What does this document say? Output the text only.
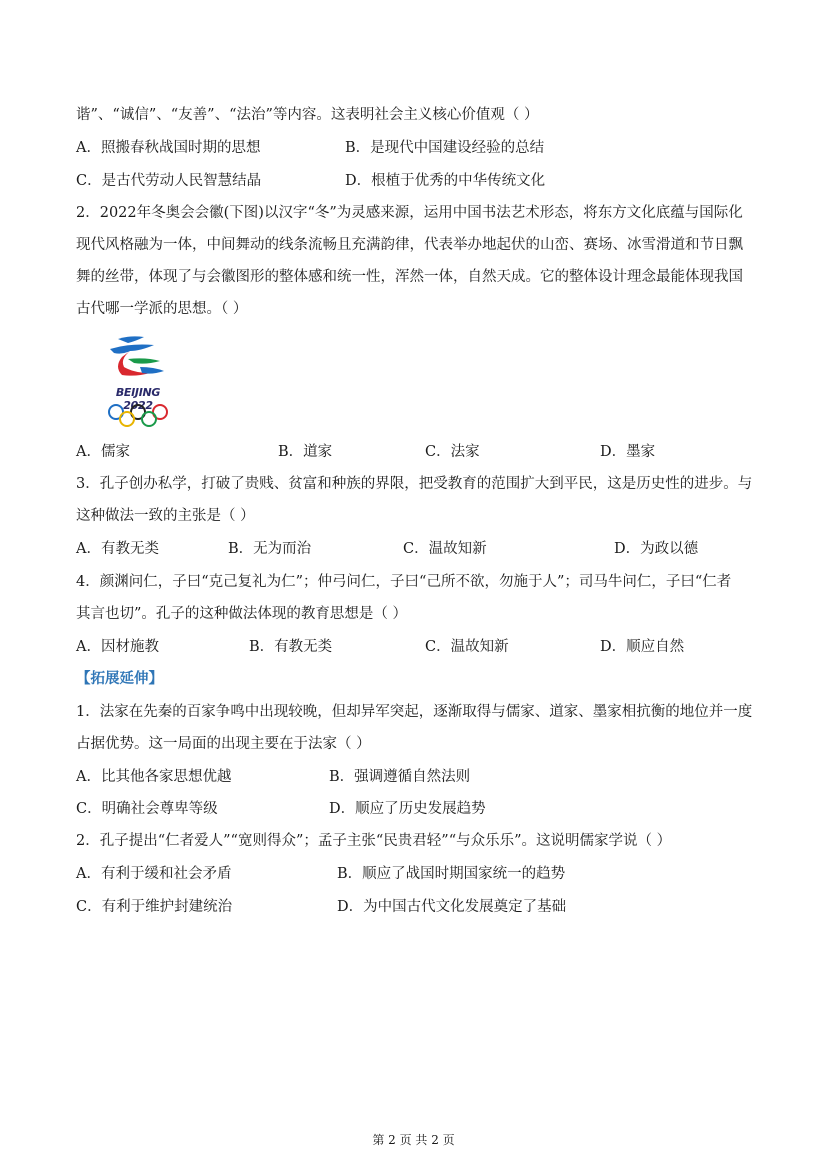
谐”、“诚信”、“友善”、“法治”等内容。这表明社会主义核心价值观（ ）
A．照搬春秋战国时期的思想	B．是现代中国建设经验的总结
C．是古代劳动人民智慧结晶	D．根植于优秀的中华传统文化
2．2022年冬奥会会徽(下图)以汉字“冬”为灵感来源，运用中国书法艺术形态，将东方文化底蕴与国际化
现代风格融为一体，中间舞动的线条流畅且充满韵律，代表举办地起伏的山峦、赛场、冰雪滑道和节日飘
舞的丝带，体现了与会徽图形的整体感和统一性，浑然一体，自然天成。它的整体设计理念最能体现我国
古代哪一学派的思想。（ ）
BEIJING 2022
A．儒家	B．道家	C．法家	D．墨家
3．孔子创办私学，打破了贵贱、贫富和种族的界限，把受教育的范围扩大到平民，这是历史性的进步。与
这种做法一致的主张是（ ）
A．有教无类	B．无为而治	C．温故知新	D．为政以德
4．颜渊问仁，子曰“克己复礼为仁”；仲弓问仁，子曰“己所不欲，勿施于人”；司马牛问仁，子曰“仁者
其言也切”。孔子的这种做法体现的教育思想是（ ）
A．因材施教	B．有教无类	C．温故知新	D．顺应自然
【拓展延伸】
1．法家在先秦的百家争鸣中出现较晚，但却异军突起，逐渐取得与儒家、道家、墨家相抗衡的地位并一度
占据优势。这一局面的出现主要在于法家（ ）
A．比其他各家思想优越	B．强调遵循自然法则
C．明确社会尊卑等级	D．顺应了历史发展趋势
2．孔子提出“仁者爱人”“宽则得众”；孟子主张“民贵君轻”“与众乐乐”。这说明儒家学说（ ）
A．有利于缓和社会矛盾	B．顺应了战国时期国家统一的趋势
C．有利于维护封建统治	D．为中国古代文化发展奠定了基础
第 2 页 共 2 页
